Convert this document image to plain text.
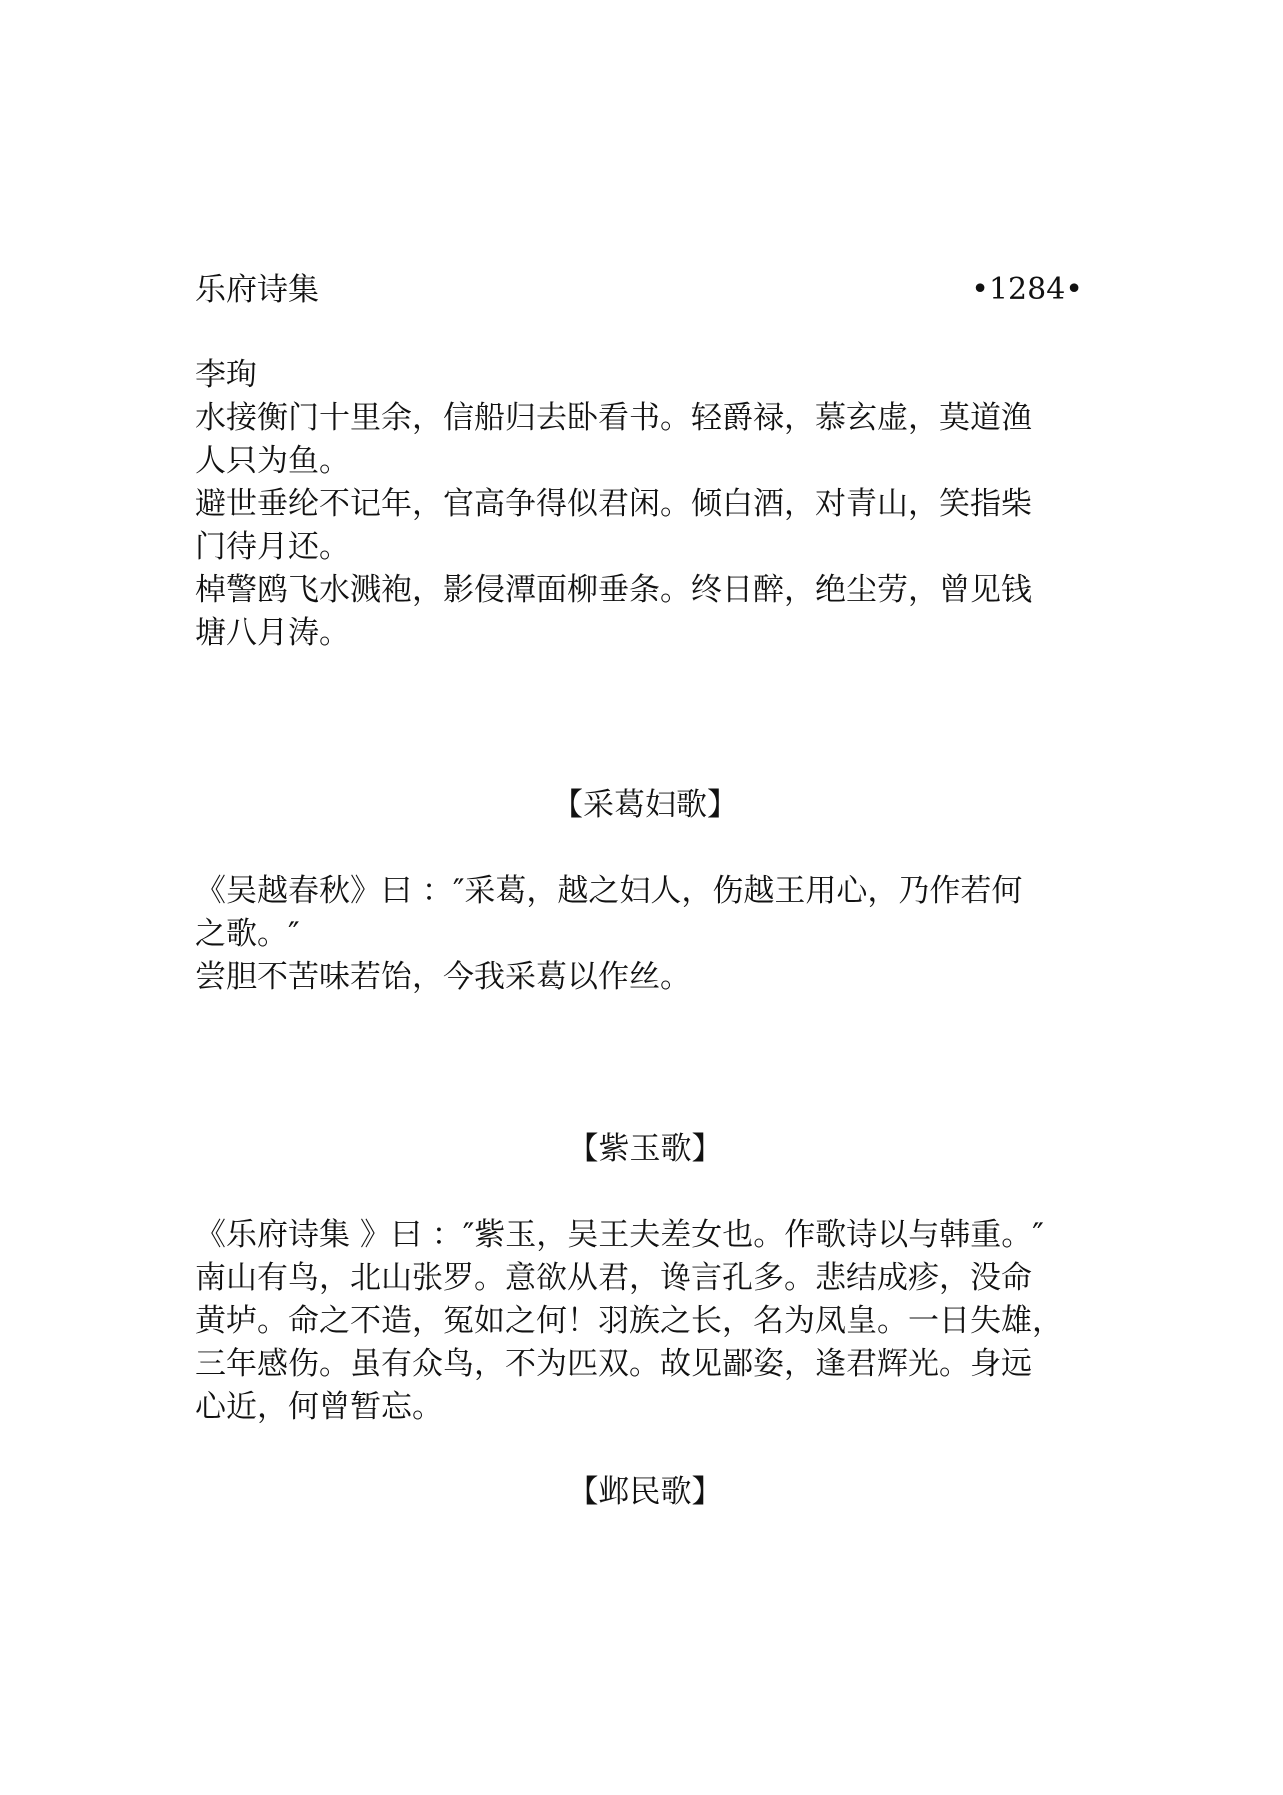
乐府诗集	•1284•
李珣
水接衡门十里余，信船归去卧看书。轻爵禄，慕玄虚，莫道渔
人只为鱼。
避世垂纶不记年，官高争得似君闲。倾白酒，对青山，笑指柴
门待月还。
棹警鸥飞水溅袍，影侵潭面柳垂条。终日醉，绝尘劳，曾见钱
塘八月涛。
【采葛妇歌】
《吴越春秋》曰 ：″采葛，越之妇人，伤越王用心，乃作若何
之歌。″
尝胆不苦味若饴，今我采葛以作丝。
【紫玉歌】
《乐府诗集 》曰 ：″紫玉，吴王夫差女也。作歌诗以与韩重。″
南山有鸟，北山张罗。意欲从君，谗言孔多。悲结成疹，没命
黄垆。命之不造，冤如之何！羽族之长，名为凤皇。一日失雄，
三年感伤。虽有众鸟，不为匹双。故见鄙姿，逢君辉光。身远
心近，何曾暂忘。
【邺民歌】
